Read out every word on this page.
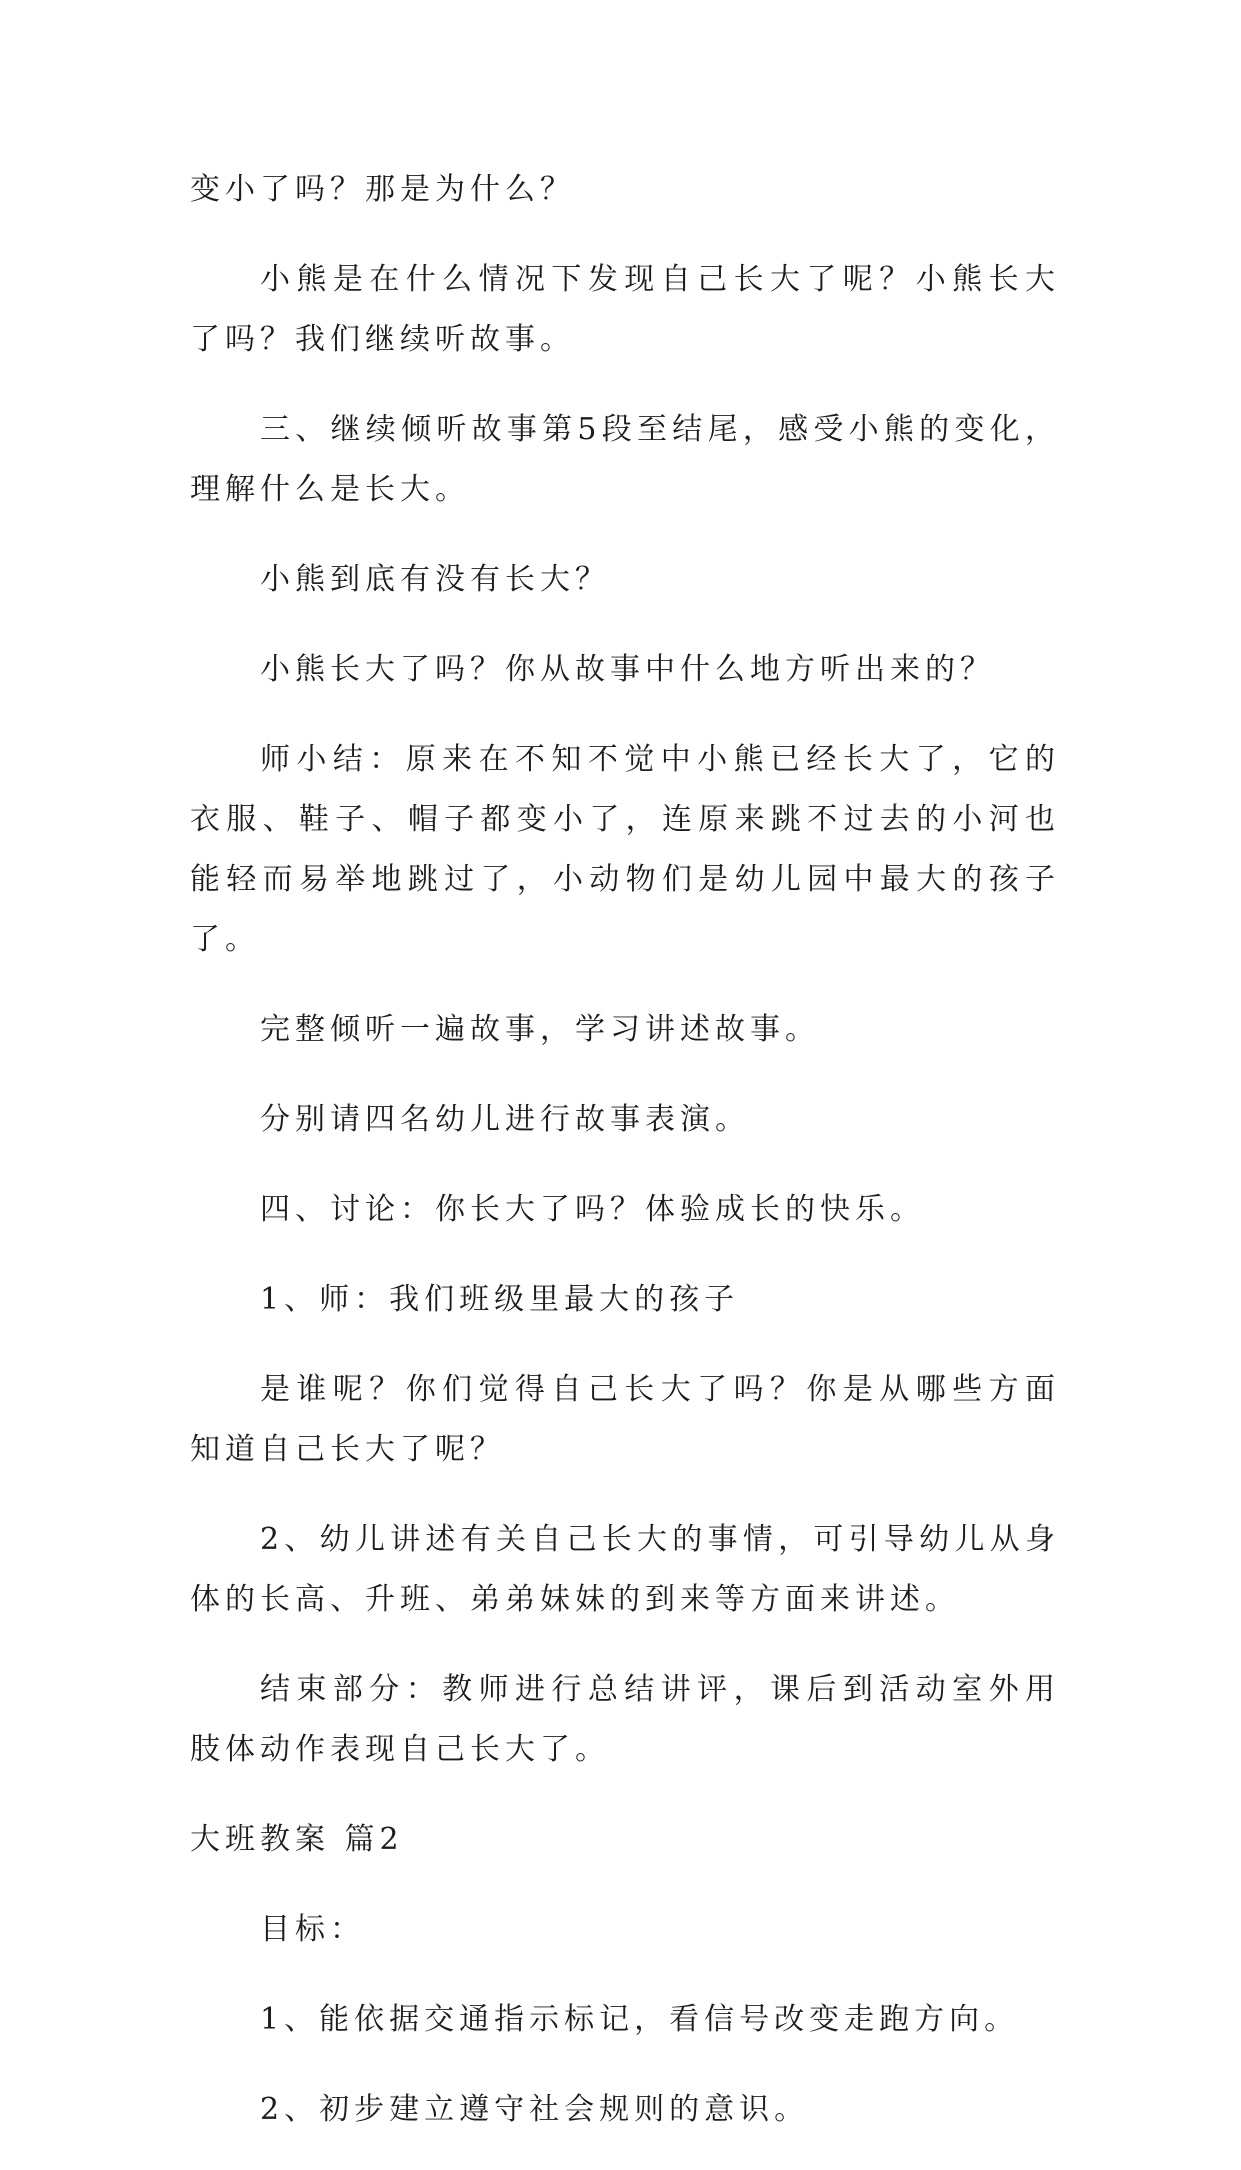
变小了吗？那是为什么？

小熊是在什么情况下发现自己长大了呢？小熊长大了吗？我们继续听故事。

三、继续倾听故事第5段至结尾，感受小熊的变化，理解什么是长大。

小熊到底有没有长大？

小熊长大了吗？你从故事中什么地方听出来的？

师小结：原来在不知不觉中小熊已经长大了，它的衣服、鞋子、帽子都变小了，连原来跳不过去的小河也能轻而易举地跳过了，小动物们是幼儿园中最大的孩子了。

完整倾听一遍故事，学习讲述故事。

分别请四名幼儿进行故事表演。

四、讨论：你长大了吗？体验成长的快乐。

1、师：我们班级里最大的孩子

是谁呢？你们觉得自己长大了吗？你是从哪些方面知道自己长大了呢？

2、幼儿讲述有关自己长大的事情，可引导幼儿从身体的长高、升班、弟弟妹妹的到来等方面来讲述。

结束部分：教师进行总结讲评，课后到活动室外用肢体动作表现自己长大了。

大班教案 篇2

目标：

1、能依据交通指示标记，看信号改变走跑方向。

2、初步建立遵守社会规则的意识。
